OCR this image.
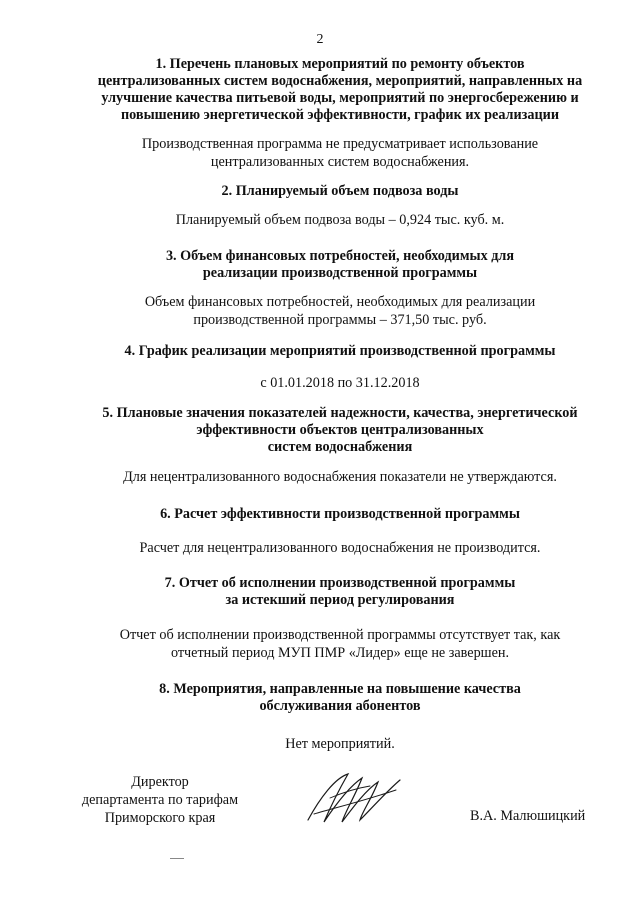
2
1. Перечень плановых мероприятий по ремонту объектов
централизованных систем водоснабжения, мероприятий, направленных на
улучшение качества питьевой воды, мероприятий по энергосбережению и
повышению энергетической эффективности, график их реализации
Производственная программа не предусматривает использование
централизованных систем водоснабжения.
2. Планируемый объем подвоза воды
Планируемый объем подвоза воды – 0,924 тыс. куб. м.
3. Объем финансовых потребностей, необходимых для
реализации производственной программы
Объем финансовых потребностей, необходимых для реализации
производственной программы – 371,50 тыс. руб.
4. График реализации мероприятий производственной программы
с 01.01.2018 по 31.12.2018
5. Плановые значения показателей надежности, качества, энергетической
эффективности объектов централизованных
систем водоснабжения
Для нецентрализованного водоснабжения показатели не утверждаются.
6. Расчет эффективности производственной программы
Расчет для нецентрализованного водоснабжения не производится.
7. Отчет об исполнении производственной программы
за истекший период регулирования
Отчет об исполнении производственной программы отсутствует так, как
отчетный период МУП ПМР «Лидер» еще не завершен.
8. Мероприятия, направленные на повышение качества
обслуживания абонентов
Нет мероприятий.
Директор
департамента по тарифам
Приморского края	В.А. Малюшицкий
